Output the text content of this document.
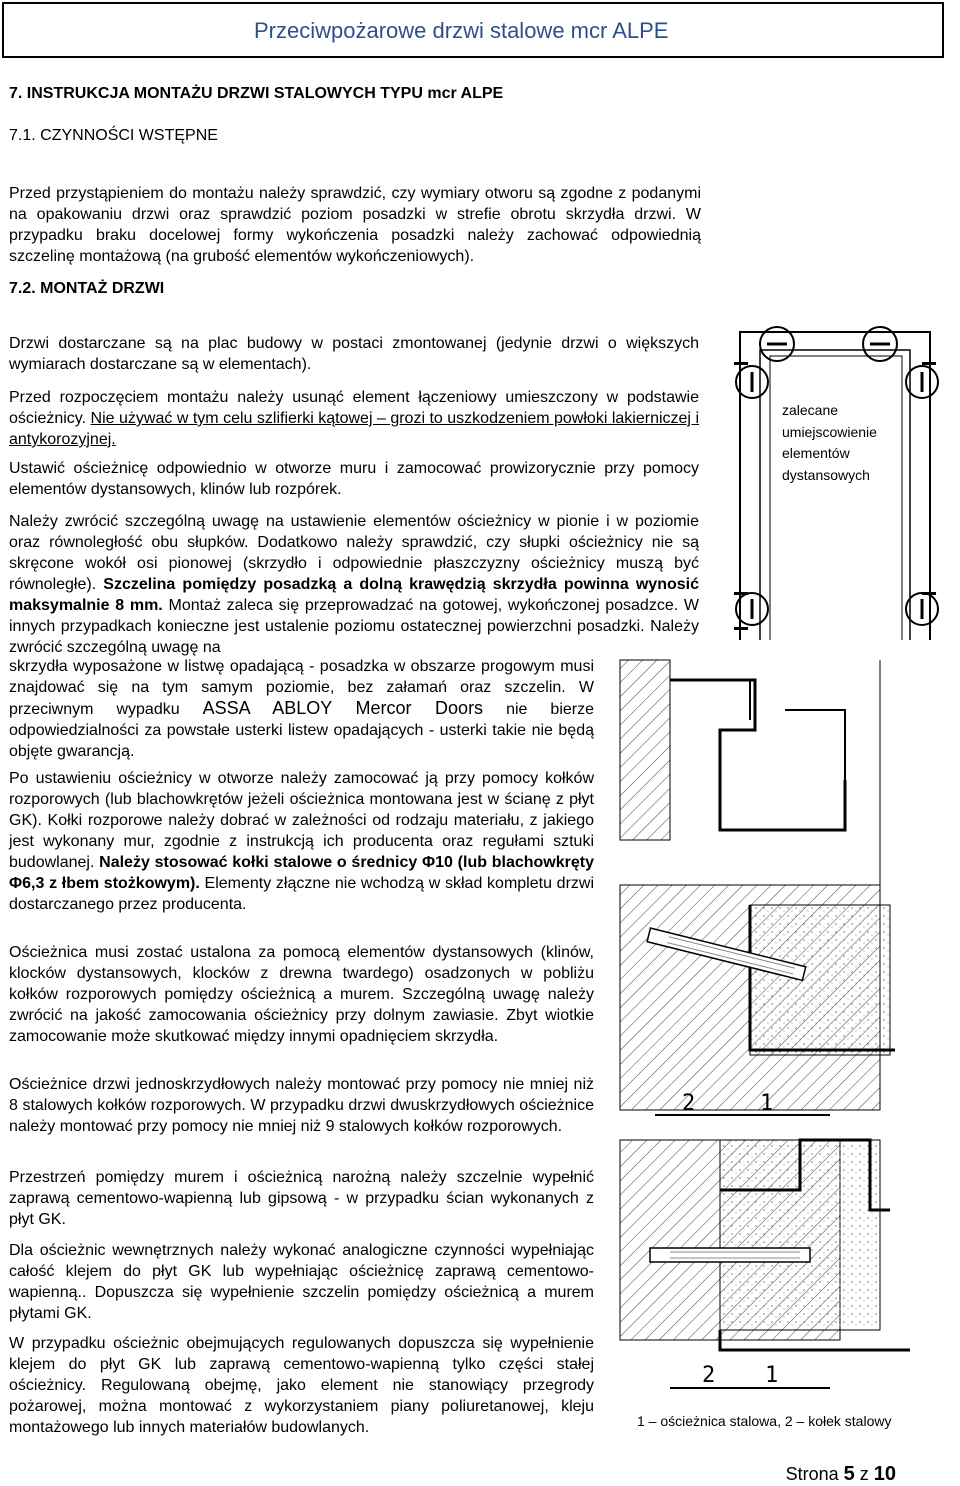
Przeciwpożarowe drzwi stalowe mcr ALPE
7. INSTRUKCJA MONTAŻU DRZWI STALOWYCH TYPU mcr ALPE
7.1. CZYNNOŚCI WSTĘPNE

Przed przystąpieniem do montażu należy sprawdzić, czy wymiary otworu są zgodne z podanymi na opakowaniu drzwi oraz sprawdzić poziom posadzki w strefie obrotu skrzydła drzwi. W przypadku braku docelowej formy wykończenia posadzki należy zachować odpowiednią szczelinę montażową (na grubość elementów wykończeniowych).

7.2. MONTAŻ DRZWI

Drzwi dostarczane są na plac budowy w postaci zmontowanej (jedynie drzwi o większych wymiarach dostarczane są w elementach).

Przed rozpoczęciem montażu należy usunąć element łączeniowy umieszczony w podstawie ościeżnicy. Nie używać w tym celu szlifierki kątowej – grozi to uszkodzeniem powłoki lakierniczej i antykorozyjnej.

Ustawić ościeżnicę odpowiednio w otworze muru i zamocować prowizorycznie przy pomocy elementów dystansowych, klinów lub rozpórek.

Należy zwrócić szczególną uwagę na ustawienie elementów ościeżnicy w pionie i w poziomie oraz równoległość obu słupków. Dodatkowo należy sprawdzić, czy słupki ościeżnicy nie są skręcone wokół osi pionowej (skrzydło i odpowiednie płaszczyzny ościeżnicy muszą być równoległe). Szczelina pomiędzy posadzką a dolną krawędzią skrzydła powinna wynosić maksymalnie 8 mm. Montaż zaleca się przeprowadzać na gotowej, wykończonej posadzce. W innych przypadkach konieczne jest ustalenie poziomu ostatecznej powierzchni posadzki. Należy zwrócić szczególną uwagę na

skrzydła wyposażone w listwę opadającą - posadzka w obszarze progowym musi znajdować się na tym samym poziomie, bez załamań oraz szczelin. W przeciwnym wypadku ASSA ABLOY Mercor Doors nie bierze odpowiedzialności za powstałe usterki listew opadających - usterki takie nie będą objęte gwarancją.

Po ustawieniu ościeżnicy w otworze należy zamocować ją przy pomocy kołków rozporowych (lub blachowkrętów jeżeli ościeżnica montowana jest w ścianę z płyt GK). Kołki rozporowe należy dobrać w zależności od rodzaju materiału, z jakiego jest wykonany mur, zgodnie z instrukcją ich producenta oraz regułami sztuki budowlanej. Należy stosować kołki stalowe o średnicy Φ10 (lub blachowkręty Φ6,3 z łbem stożkowym). Elementy złączne nie wchodzą w skład kompletu drzwi dostarczanego przez producenta.

Ościeżnica musi zostać ustalona za pomocą elementów dystansowych (klinów, klocków dystansowych, klocków z drewna twardego) osadzonych w pobliżu kołków rozporowych pomiędzy ościeżnicą a murem. Szczególną uwagę należy zwrócić na jakość zamocowania ościeżnicy przy dolnym zawiasie. Zbyt wiotkie zamocowanie może skutkować między innymi opadnięciem skrzydła.

Ościeżnice drzwi jednoskrzydłowych należy montować przy pomocy nie mniej niż 8 stalowych kołków rozporowych. W przypadku drzwi dwuskrzydłowych ościeżnice należy montować przy pomocy nie mniej niż 9 stalowych kołków rozporowych.

Przestrzeń pomiędzy murem i ościeżnicą narożną należy szczelnie wypełnić zaprawą cementowo-wapienną lub gipsową - w przypadku ścian wykonanych z płyt GK.

Dla ościeżnic wewnętrznych należy wykonać analogiczne czynności wypełniając całość klejem do płyt GK lub wypełniając ościeżnicę zaprawą cementowo-wapienną.. Dopuszcza się wypełnienie szczelin pomiędzy ościeżnicą a murem płytami GK.

W przypadku ościeżnic obejmujących regulowanych dopuszcza się wypełnienie klejem do płyt GK lub zaprawą cementowo-wapienną tylko części stałej ościeżnicy. Regulowaną obejmę, jako element nie stanowiący przegrody pożarowej, można montować z wykorzystaniem piany poliuretanowej, kleju montażowego lub innych materiałów budowlanych.

zalecane
umiejscowienie
elementów
dystansowych
2	1
2 1
1 – ościeżnica stalowa, 2 – kołek stalowy
Strona 5 z 10
